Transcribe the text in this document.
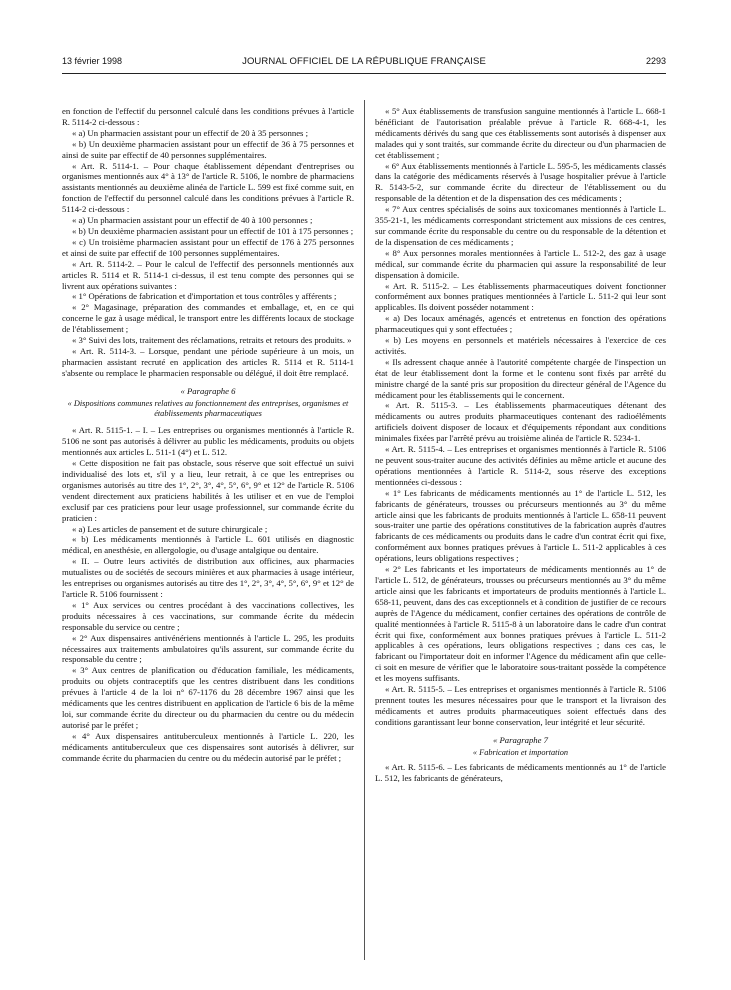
13 février 1998	JOURNAL OFFICIEL DE LA RÉPUBLIQUE FRANÇAISE	2293

en fonction de l'effectif du personnel calculé dans les conditions prévues à l'article R. 5114-2 ci-dessous :

« a) Un pharmacien assistant pour un effectif de 20 à 35 personnes ;

« b) Un deuxième pharmacien assistant pour un effectif de 36 à 75 personnes et ainsi de suite par effectif de 40 personnes supplémentaires.

« Art. R. 5114-1. – Pour chaque établissement dépendant d'entreprises ou organismes mentionnés aux 4° à 13° de l'article R. 5106, le nombre de pharmaciens assistants mentionnés au deuxième alinéa de l'article L. 599 est fixé comme suit, en fonction de l'effectif du personnel calculé dans les conditions prévues à l'article R. 5114-2 ci-dessous :

« a) Un pharmacien assistant pour un effectif de 40 à 100 personnes ;

« b) Un deuxième pharmacien assistant pour un effectif de 101 à 175 personnes ;

« c) Un troisième pharmacien assistant pour un effectif de 176 à 275 personnes et ainsi de suite par effectif de 100 personnes supplémentaires.

« Art. R. 5114-2. – Pour le calcul de l'effectif des personnels mentionnés aux articles R. 5114 et R. 5114-1 ci-dessus, il est tenu compte des personnes qui se livrent aux opérations suivantes :

« 1° Opérations de fabrication et d'importation et tous contrôles y afférents ;

« 2° Magasinage, préparation des commandes et emballage, et, en ce qui concerne le gaz à usage médical, le transport entre les différents locaux de stockage de l'établissement ;

« 3° Suivi des lots, traitement des réclamations, retraits et retours des produits. »

« Art. R. 5114-3. – Lorsque, pendant une période supérieure à un mois, un pharmacien assistant recruté en application des articles R. 5114 et R. 5114-1 s'absente ou remplace le pharmacien responsable ou délégué, il doit être remplacé.

« Paragraphe 6

« Dispositions communes relatives au fonctionnement des entreprises, organismes et établissements pharmaceutiques

« Art. R. 5115-1. – I. – Les entreprises ou organismes mentionnés à l'article R. 5106 ne sont pas autorisés à délivrer au public les médicaments, produits ou objets mentionnés aux articles L. 511-1 (4°) et L. 512.

« Cette disposition ne fait pas obstacle, sous réserve que soit effectué un suivi individualisé des lots et, s'il y a lieu, leur retrait, à ce que les entreprises ou organismes autorisés au titre des 1°, 2°, 3°, 4°, 5°, 6°, 9° et 12° de l'article R. 5106 vendent directement aux praticiens habilités à les utiliser et en vue de l'emploi exclusif par ces praticiens pour leur usage professionnel, sur commande écrite du praticien :

« a) Les articles de pansement et de suture chirurgicale ;

« b) Les médicaments mentionnés à l'article L. 601 utilisés en diagnostic médical, en anesthésie, en allergologie, ou d'usage antalgique ou dentaire.

« II. – Outre leurs activités de distribution aux officines, aux pharmacies mutualistes ou de sociétés de secours minières et aux pharmacies à usage intérieur, les entreprises ou organismes autorisés au titre des 1°, 2°, 3°, 4°, 5°, 6°, 9° et 12° de l'article R. 5106 fournissent :

« 1° Aux services ou centres procédant à des vaccinations collectives, les produits nécessaires à ces vaccinations, sur commande écrite du médecin responsable du service ou centre ;

« 2° Aux dispensaires antivénériens mentionnés à l'article L. 295, les produits nécessaires aux traitements ambulatoires qu'ils assurent, sur commande écrite du responsable du centre ;

« 3° Aux centres de planification ou d'éducation familiale, les médicaments, produits ou objets contraceptifs que les centres distribuent dans les conditions prévues à l'article 4 de la loi n° 67-1176 du 28 décembre 1967 ainsi que les médicaments que les centres distribuent en application de l'article 6 bis de la même loi, sur commande écrite du directeur ou du pharmacien du centre ou du médecin autorisé par le préfet ;

« 4° Aux dispensaires antituberculeux mentionnés à l'article L. 220, les médicaments antituberculeux que ces dispensaires sont autorisés à délivrer, sur commande écrite du pharmacien du centre ou du médecin autorisé par le préfet ;

« 5° Aux établissements de transfusion sanguine mentionnés à l'article L. 668-1 bénéficiant de l'autorisation préalable prévue à l'article R. 668-4-1, les médicaments dérivés du sang que ces établissements sont autorisés à dispenser aux malades qui y sont traités, sur commande écrite du directeur ou d'un pharmacien de cet établissement ;

« 6° Aux établissements mentionnés à l'article L. 595-5, les médicaments classés dans la catégorie des médicaments réservés à l'usage hospitalier prévue à l'article R. 5143-5-2, sur commande écrite du directeur de l'établissement ou du responsable de la détention et de la dispensation des ces médicaments ;

« 7° Aux centres spécialisés de soins aux toxicomanes mentionnés à l'article L. 355-21-1, les médicaments correspondant strictement aux missions de ces centres, sur commande écrite du responsable du centre ou du responsable de la détention et de la dispensation de ces médicaments ;

« 8° Aux personnes morales mentionnées à l'article L. 512-2, des gaz à usage médical, sur commande écrite du pharmacien qui assure la responsabilité de leur dispensation à domicile.

« Art. R. 5115-2. – Les établissements pharmaceutiques doivent fonctionner conformément aux bonnes pratiques mentionnées à l'article L. 511-2 qui leur sont applicables. Ils doivent posséder notamment :

« a) Des locaux aménagés, agencés et entretenus en fonction des opérations pharmaceutiques qui y sont effectuées ;

« b) Les moyens en personnels et matériels nécessaires à l'exercice de ces activités.

« Ils adressent chaque année à l'autorité compétente chargée de l'inspection un état de leur établissement dont la forme et le contenu sont fixés par arrêté du ministre chargé de la santé pris sur proposition du directeur général de l'Agence du médicament pour les établissements qui le concernent.

« Art. R. 5115-3. – Les établissements pharmaceutiques détenant des médicaments ou autres produits pharmaceutiques contenant des radioéléments artificiels doivent disposer de locaux et d'équipements répondant aux conditions minimales fixées par l'arrêté prévu au troisième alinéa de l'article R. 5234-1.

« Art. R. 5115-4. – Les entreprises et organismes mentionnés à l'article R. 5106 ne peuvent sous-traiter aucune des activités définies au même article et aucune des opérations mentionnées à l'article R. 5114-2, sous réserve des exceptions mentionnées ci-dessous :

« 1° Les fabricants de médicaments mentionnés au 1° de l'article L. 512, les fabricants de générateurs, trousses ou précurseurs mentionnés au 3° du même article ainsi que les fabricants de produits mentionnés à l'article L. 658-11 peuvent sous-traiter une partie des opérations constitutives de la fabrication auprès d'autres fabricants de ces médicaments ou produits dans le cadre d'un contrat écrit qui fixe, conformément aux bonnes pratiques prévues à l'article L. 511-2 applicables à ces opérations, leurs obligations respectives ;

« 2° Les fabricants et les importateurs de médicaments mentionnés au 1° de l'article L. 512, de générateurs, trousses ou précurseurs mentionnés au 3° du même article ainsi que les fabricants et importateurs de produits mentionnés à l'article L. 658-11, peuvent, dans des cas exceptionnels et à condition de justifier de ce recours auprès de l'Agence du médicament, confier certaines des opérations de contrôle de qualité mentionnées à l'article R. 5115-8 à un laboratoire dans le cadre d'un contrat écrit qui fixe, conformément aux bonnes pratiques prévues à l'article L. 511-2 applicables à ces opérations, leurs obligations respectives ; dans ces cas, le fabricant ou l'importateur doit en informer l'Agence du médicament afin que celle-ci soit en mesure de vérifier que le laboratoire sous-traitant possède la compétence et les moyens suffisants.

« Art. R. 5115-5. – Les entreprises et organismes mentionnés à l'article R. 5106 prennent toutes les mesures nécessaires pour que le transport et la livraison des médicaments et autres produits pharmaceutiques soient effectués dans des conditions garantissant leur bonne conservation, leur intégrité et leur sécurité.

« Paragraphe 7

« Fabrication et importation

« Art. R. 5115-6. – Les fabricants de médicaments mentionnés au 1° de l'article L. 512, les fabricants de générateurs,
